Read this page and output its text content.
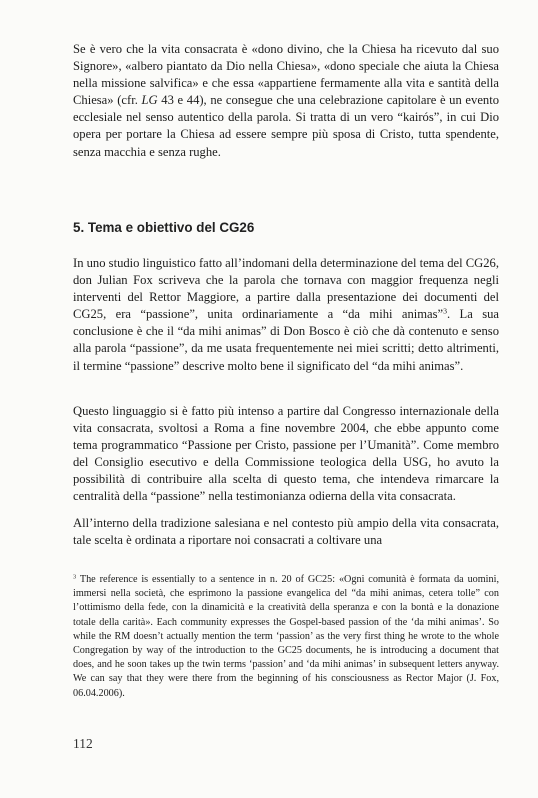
Se è vero che la vita consacrata è «dono divino, che la Chiesa ha ricevuto dal suo Signore», «albero piantato da Dio nella Chiesa», «dono speciale che aiuta la Chiesa nella missione salvifica» e che essa «appartiene fermamente alla vita e santità della Chiesa» (cfr. LG 43 e 44), ne consegue che una celebrazione capitolare è un evento ecclesiale nel senso autentico della parola. Si tratta di un vero “kairós”, in cui Dio opera per portare la Chiesa ad essere sempre più sposa di Cristo, tutta spendente, senza macchia e senza rughe.

5. Tema e obiettivo del CG26

In uno studio linguistico fatto all’indomani della determinazione del tema del CG26, don Julian Fox scriveva che la parola che tornava con maggior frequenza negli interventi del Rettor Maggiore, a partire dalla presentazione dei documenti del CG25, era “passione”, unita ordinariamente a “da mihi animas”$^3$. La sua conclusione è che il “da mihi animas” di Don Bosco è ciò che dà contenuto e senso alla parola “passione”, da me usata frequentemente nei miei scritti; detto altrimenti, il termine “passione” descrive molto bene il significato del “da mihi animas”.

Questo linguaggio si è fatto più intenso a partire dal Congresso internazionale della vita consacrata, svoltosi a Roma a fine novembre 2004, che ebbe appunto come tema programmatico “Passione per Cristo, passione per l’Umanità”. Come membro del Consiglio esecutivo e della Commissione teologica della USG, ho avuto la possibilità di contribuire alla scelta di questo tema, che intendeva rimarcare la centralità della “passione” nella testimonianza odierna della vita consacrata.

All’interno della tradizione salesiana e nel contesto più ampio della vita consacrata, tale scelta è ordinata a riportare noi consacrati a coltivare una

$^3$ The reference is essentially to a sentence in n. 20 of GC25: «Ogni comunità è formata da uomini, immersi nella società, che esprimono la passione evangelica del “da mihi animas, cetera tolle” con l’ottimismo della fede, con la dinamicità e la creatività della speranza e con la bontà e la donazione totale della carità». Each community expresses the Gospel-based passion of the ‘da mihi animas’. So while the RM doesn’t actually mention the term ‘passion’ as the very first thing he wrote to the whole Congregation by way of the introduction to the GC25 documents, he is introducing a document that does, and he soon takes up the twin terms ‘passion’ and ‘da mihi animas’ in subsequent letters anyway. We can say that they were there from the beginning of his consciousness as Rector Major (J. Fox, 06.04.2006).

112
